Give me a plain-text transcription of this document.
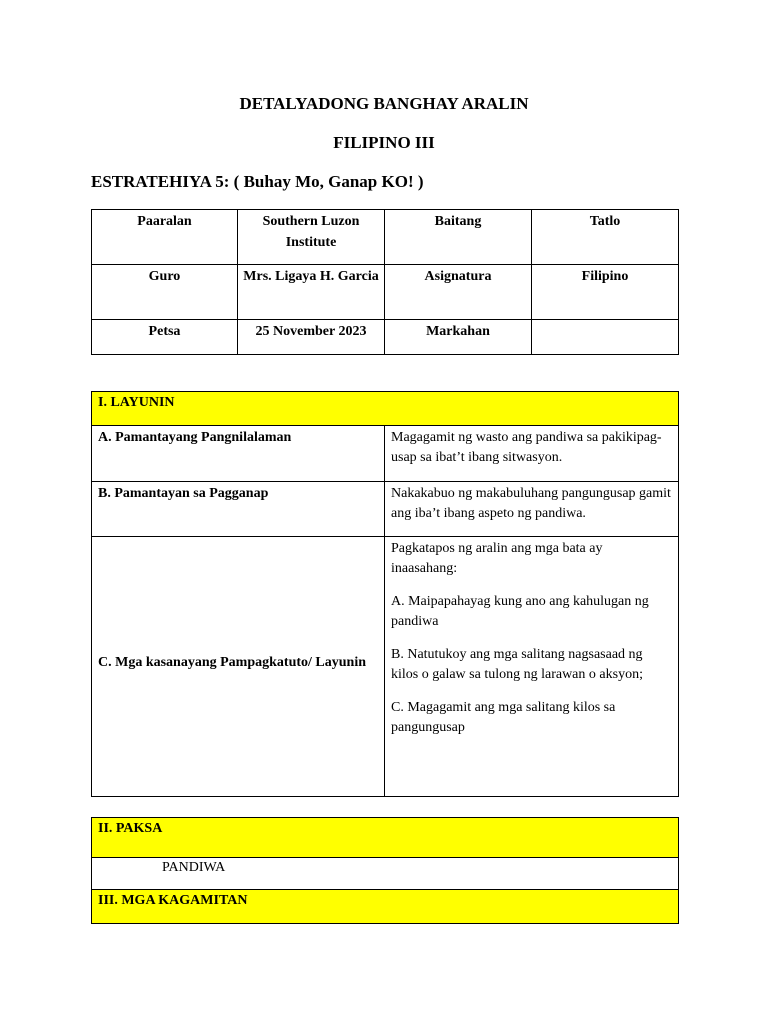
DETALYADONG BANGHAY ARALIN
FILIPINO III
ESTRATEHIYA 5: ( Buhay Mo, Ganap KO! )
Paaralan	Southern Luzon Institute	Baitang	Tatlo
Guro	Mrs. Ligaya H. Garcia	Asignatura	Filipino
Petsa	25 November 2023	Markahan	
I. LAYUNIN	
A. Pamantayang Pangnilalaman	Magagamit ng wasto ang pandiwa sa pakikipag-usap sa ibat’t ibang sitwasyon.
B. Pamantayan sa Pagganap	Nakakabuo ng makabuluhang pangungusap gamit ang iba’t ibang aspeto ng pandiwa.
C. Mga kasanayang Pampagkatuto/ Layunin	Pagkatapos ng aralin ang mga bata ay inaasahang:

A. Maipapahayag kung ano ang kahulugan ng pandiwa

B. Natutukoy ang mga salitang nagsasaad ng kilos o galaw sa tulong ng larawan o aksyon;

C. Magagamit ang mga salitang kilos sa pangungusap

II. PAKSA
PANDIWA
III. MGA KAGAMITAN
